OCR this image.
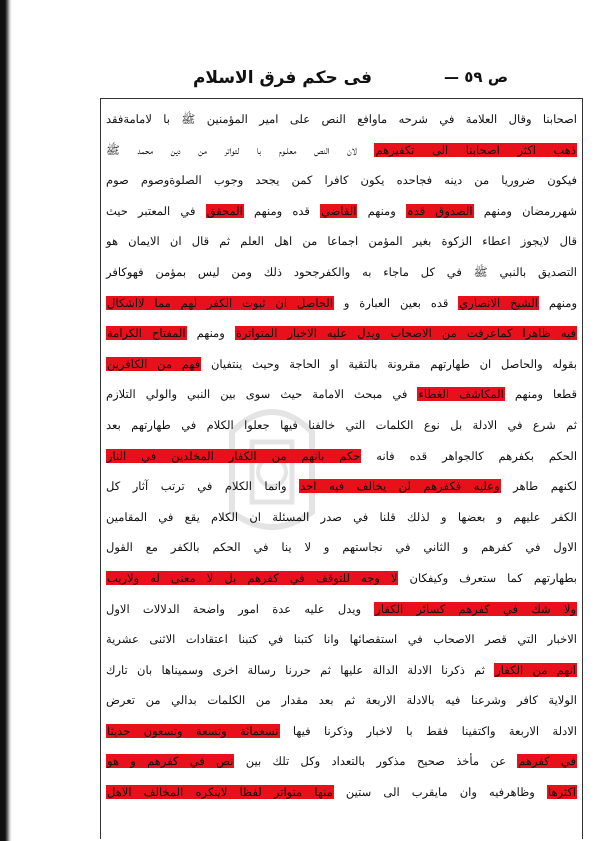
فى حكم فرق الاسلام	ص ٥٩ —
اصحابنا وقال العلامة في شرحه ماوافع النص على امير المؤمنين ﷺ با لامامةفقد
ذهب اكثر اصحابنا الى تكفيرهم لان النص معلـوم با لتواتر من دين محمد ﷺ
فيكون ضروريا من دينه فجاحده يكون كافرا كمن يجحد وجوب الصلوةوصوم صوم
شهررمضان ومنهم الصدوق قدہ ومنهم القاضي قده ومنهم المحقق في المعتبر حيث
قال لايجوز اعطاء الزكوة بغير المؤمن اجماعا من اهل العلم ثم قال ان الايمان هو
التصديق بالنبي ﷺ في كل ماجاء به والكفرجحود ذلك ومن ليس بمؤمن فهوكافر
ومنهم الشيخ الانصاري قده بعين العبارة و الحاصل ان ثبوت الكفر لهم مما لااشكال
فيه ظاهرا كماعرفت من الاصحاب ويدل عليه الاخبار المتواترة ومنهم المفتاح الكرامة
بقوله والحاصل ان طهارتهم مقرونة بالتقية او الحاجة وحيث ينتفيان فهم من الكافرين
قطعا ومنهم المكاشف الغطاء في مبحث الامامة حيث سوى بين النبي والولي التلازم
ثم شرع في الادلة بل نوع الكلمات التي خالفنا فيها جعلوا الكلام في طهارتهم بعد
الحكم بكفرهم كالجواهر قده فانه حكم بانهم من الكفار المخلدين في النار
لكنهم طاهر وعليه فكفرهم لن يخالف فيه احد وانما الكلام في ترتب آثار كل
الكفر عليهم و بعضها و لذلك قلنا في صدر المسئلة ان الكلام يقع في المقامين
الاول في كفرهم و الثاني في نجاستهم و لا ينا في الحكم بالكفر مع القول
بطهارتهم كما ستعرف وكيفكان لا وجه للتوقف في كفرهم بل لا معنى له ولاريب
ولا شك في كفرهم كسائر الكفار ويدل عليه عدة امور واضحة الدلالات الاول
الاخبار التي قصر الاصحاب في استقصائها وانا كتبنا في كتبنا اعتقادات الاثنى عشرية
انهم من الكفار ثم ذكرنا الادلة الدالة عليها ثم حررنا رسالة اخرى وسميناها بان تارك
الولاية كافر وشرعنا فيه بالادلة الاربعة ثم بعد مقدار من الكلمات بدالي من تعرض
الادلة الاربعة واكتفينا فقط با لاخبار وذكرنا فيها تسعمائة وتسعة وتسعون حديثا
في كفرهم عن مأخذ صحيح مذكور بالتعداد وكل تلك بين نص في كفرهم و هو
اكثرها وظاهرفيه وان مايقرب الى ستين منها متواتر لفظا لاينكره المخالف الاهل
